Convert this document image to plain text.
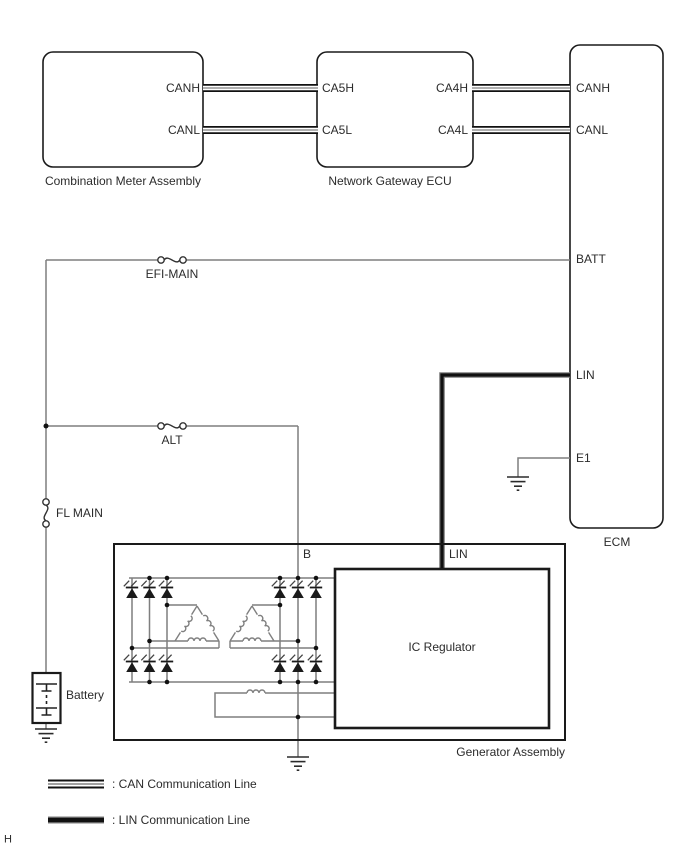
CANH
CANL
Combination Meter Assembly
CA5H
CA5L
CA4H
CA4L
Network Gateway ECU
CANH
CANL
BATT
LIN
E1
ECM
EFI-MAIN
ALT
FL MAIN
Battery
B	LIN
IC Regulator
Generator Assembly
: CAN Communication Line
: LIN Communication Line
H
